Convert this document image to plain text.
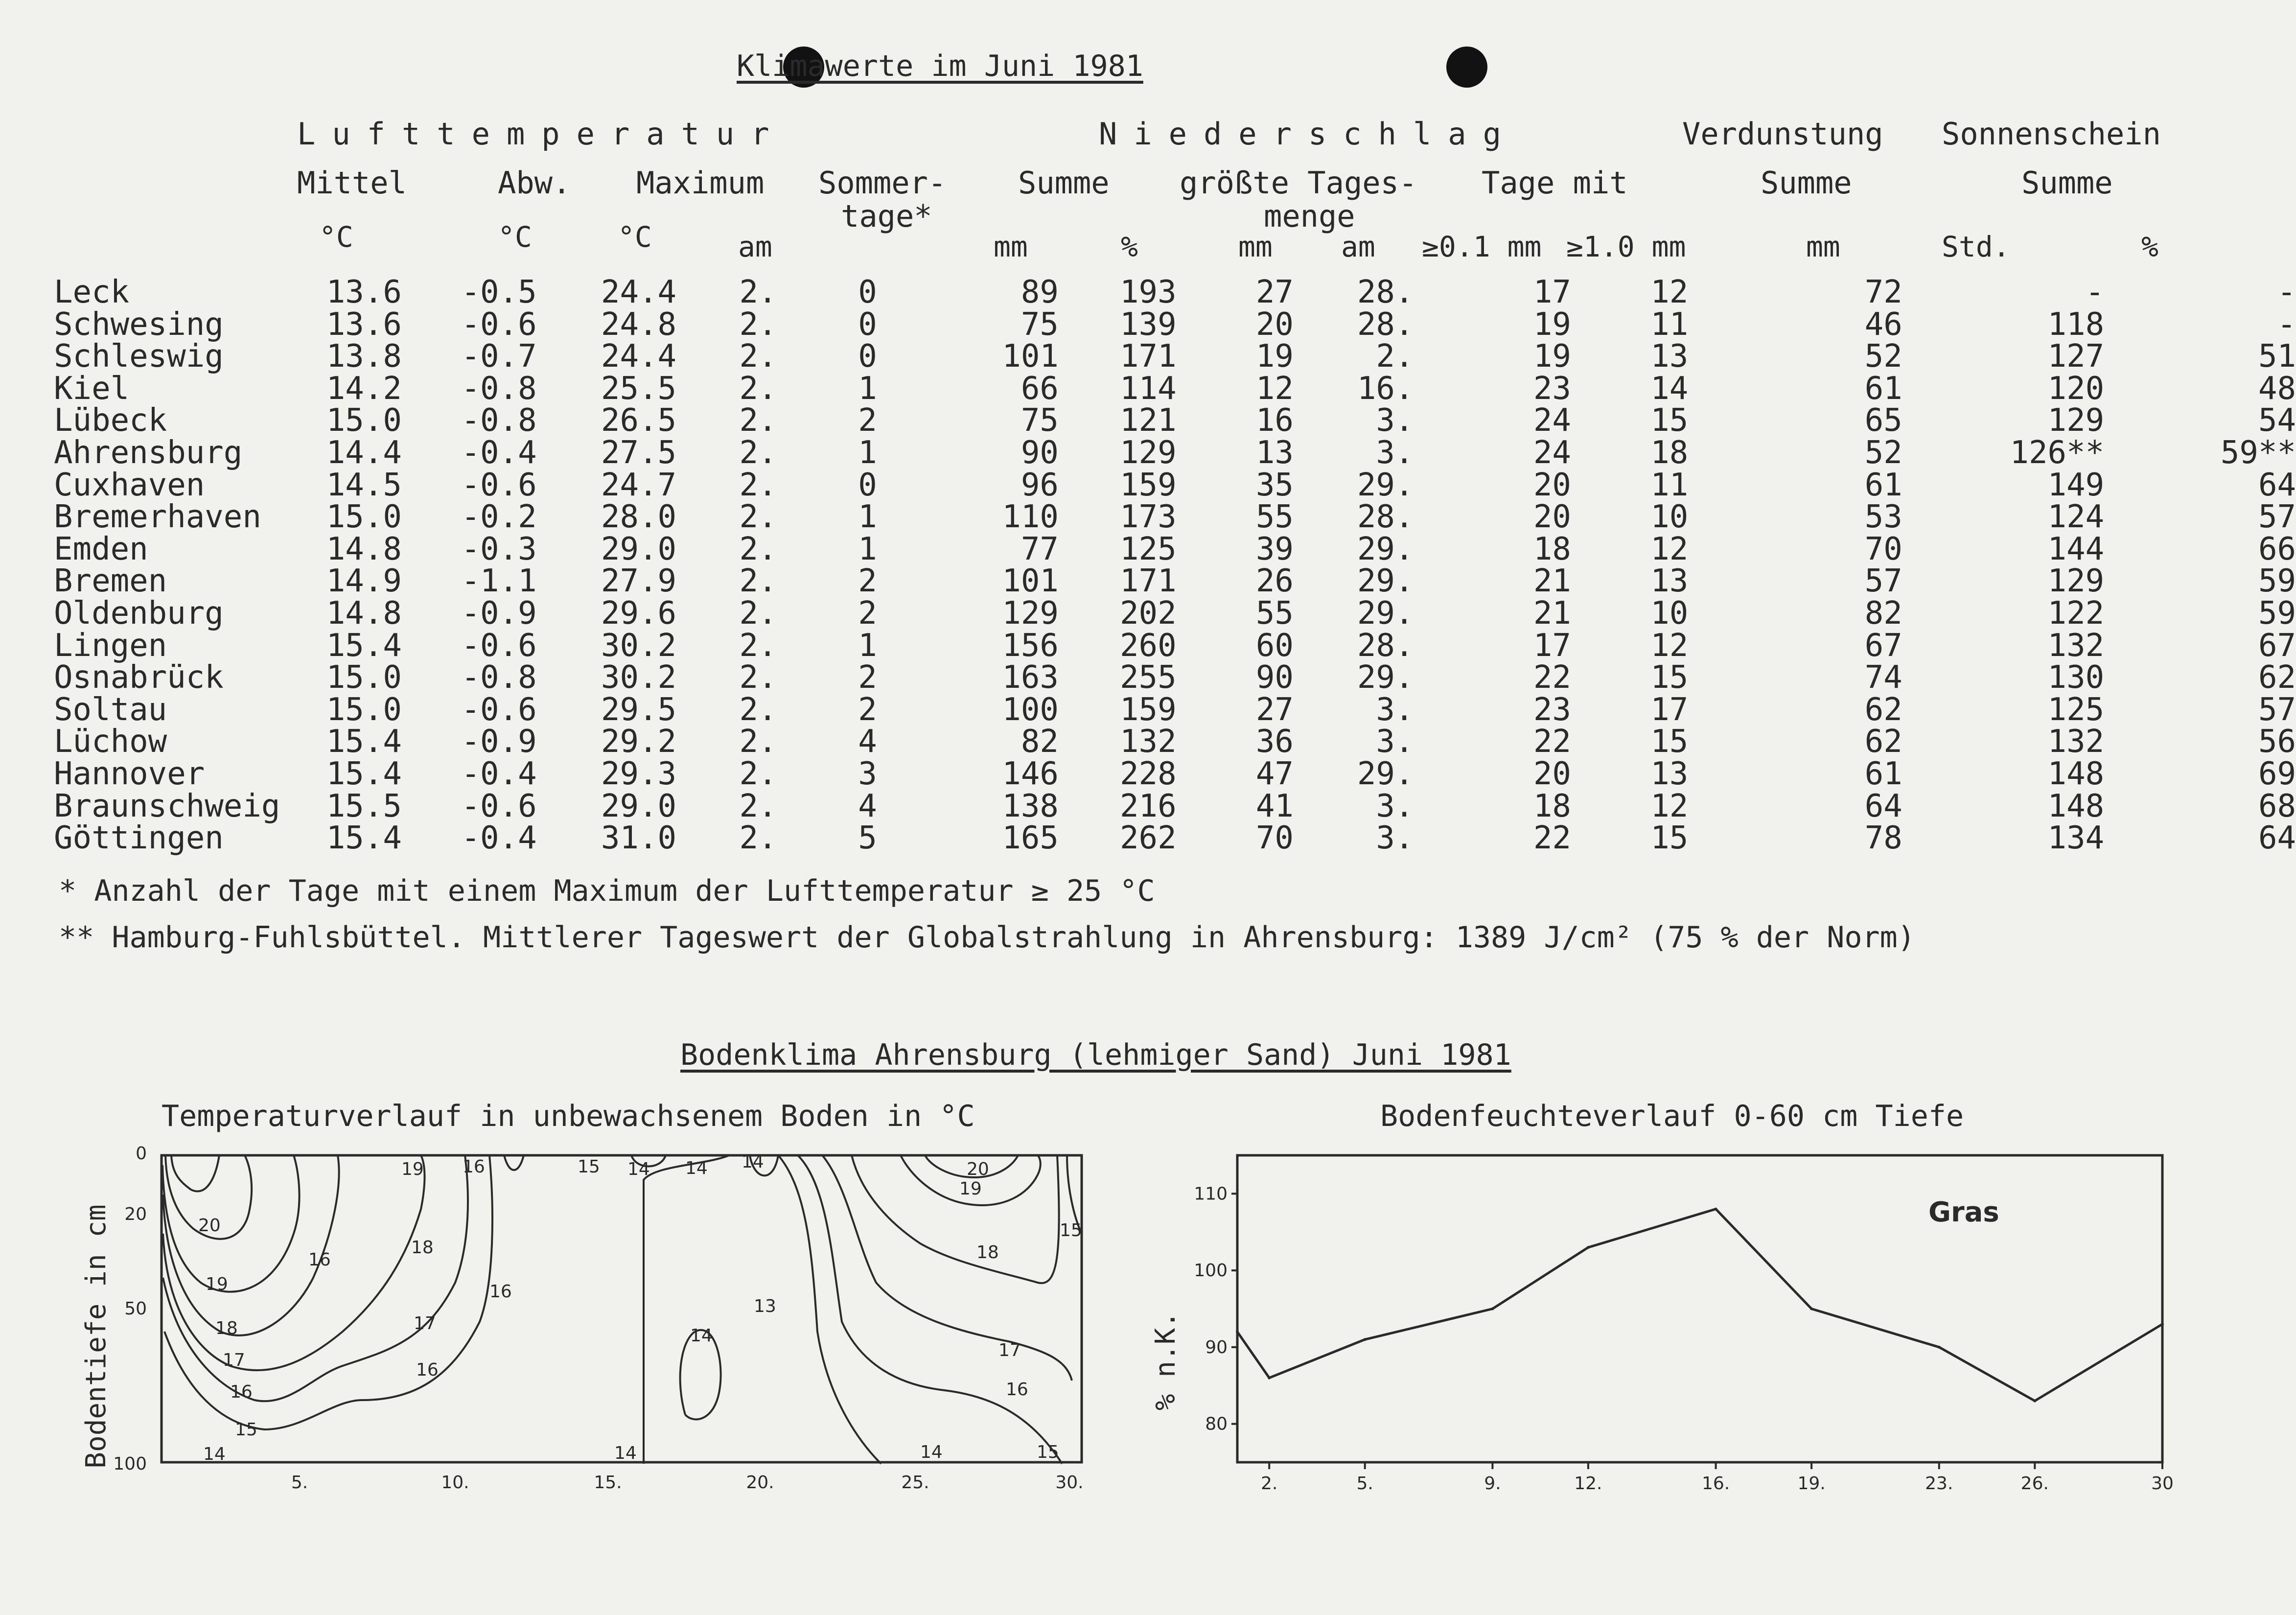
Klimawerte im Juni 1981
Lufttemperatur	Niederschlag	Verdunstung Sonnenschein
Mittel	Abw. Maximum Sommer-
tage*
Summe größte Tages-
menge
Tage mit	Summe	Summe
°C	°C	°C	am	mm	%	mm am ≥0.1 mm ≥1.0 mm	mm	Std.	%
Leck	13.6	-0.5	24.4	2.	0	89	193	27	28.	17	12	72	-	-
Schwesing	13.6	-0.6	24.8	2.	0	75	139	20	28.	19	11	46	118	-
Schleswig	13.8	-0.7	24.4	2.	0	101	171	19	2.	19	13	52	127	51
Kiel	14.2	-0.8	25.5	2.	1	66	114	12	16.	23	14	61	120	48
Lübeck	15.0	-0.8	26.5	2.	2	75	121	16	3.	24	15	65	129	54
Ahrensburg	14.4	-0.4	27.5	2.	1	90	129	13	3.	24	18	52	126**	59**
Cuxhaven	14.5	-0.6	24.7	2.	0	96	159	35	29.	20	11	61	149	64
Bremerhaven	15.0	-0.2	28.0	2.	1	110	173	55	28.	20	10	53	124	57
Emden	14.8	-0.3	29.0	2.	1	77	125	39	29.	18	12	70	144	66
Bremen	14.9	-1.1	27.9	2.	2	101	171	26	29.	21	13	57	129	59
Oldenburg	14.8	-0.9	29.6	2.	2	129	202	55	29.	21	10	82	122	59
Lingen	15.4	-0.6	30.2	2.	1	156	260	60	28.	17	12	67	132	67
Osnabrück	15.0	-0.8	30.2	2.	2	163	255	90	29.	22	15	74	130	62
Soltau	15.0	-0.6	29.5	2.	2	100	159	27	3.	23	17	62	125	57
Lüchow	15.4	-0.9	29.2	2.	4	82	132	36	3.	22	15	62	132	56
Hannover	15.4	-0.4	29.3	2.	3	146	228	47	29.	20	13	61	148	69
Braunschweig	15.5	-0.6	29.0	2.	4	138	216	41	3.	18	12	64	148	68
Göttingen	15.4	-0.4	31.0	2.	5	165	262	70	3.	22	15	78	134	64
* Anzahl der Tage mit einem Maximum der Lufttemperatur ≥ 25 °C
** Hamburg-Fuhlsbüttel. Mittlerer Tageswert der Globalstrahlung in Ahrensburg: 1389 J/cm² (75 % der Norm)
Bodenklima Ahrensburg (lehmiger Sand) Juni 1981
Temperaturverlauf in unbewachsenem Boden in °C
Bodentiefe in cm
0
20
50
100
5.	10.	15.	20.	25.	30.
20
19
18
17
16
15
14
16
18
17
16
19 16
16
15 14 14 14
14
13
14	14	15
20
19
18
17
16
15
Bodenfeuchteverlauf 0-60 cm Tiefe
% n.K.
80
90
100
110
2.	5.	9.	12.	16.	19.	23.	26.	30
Gras
